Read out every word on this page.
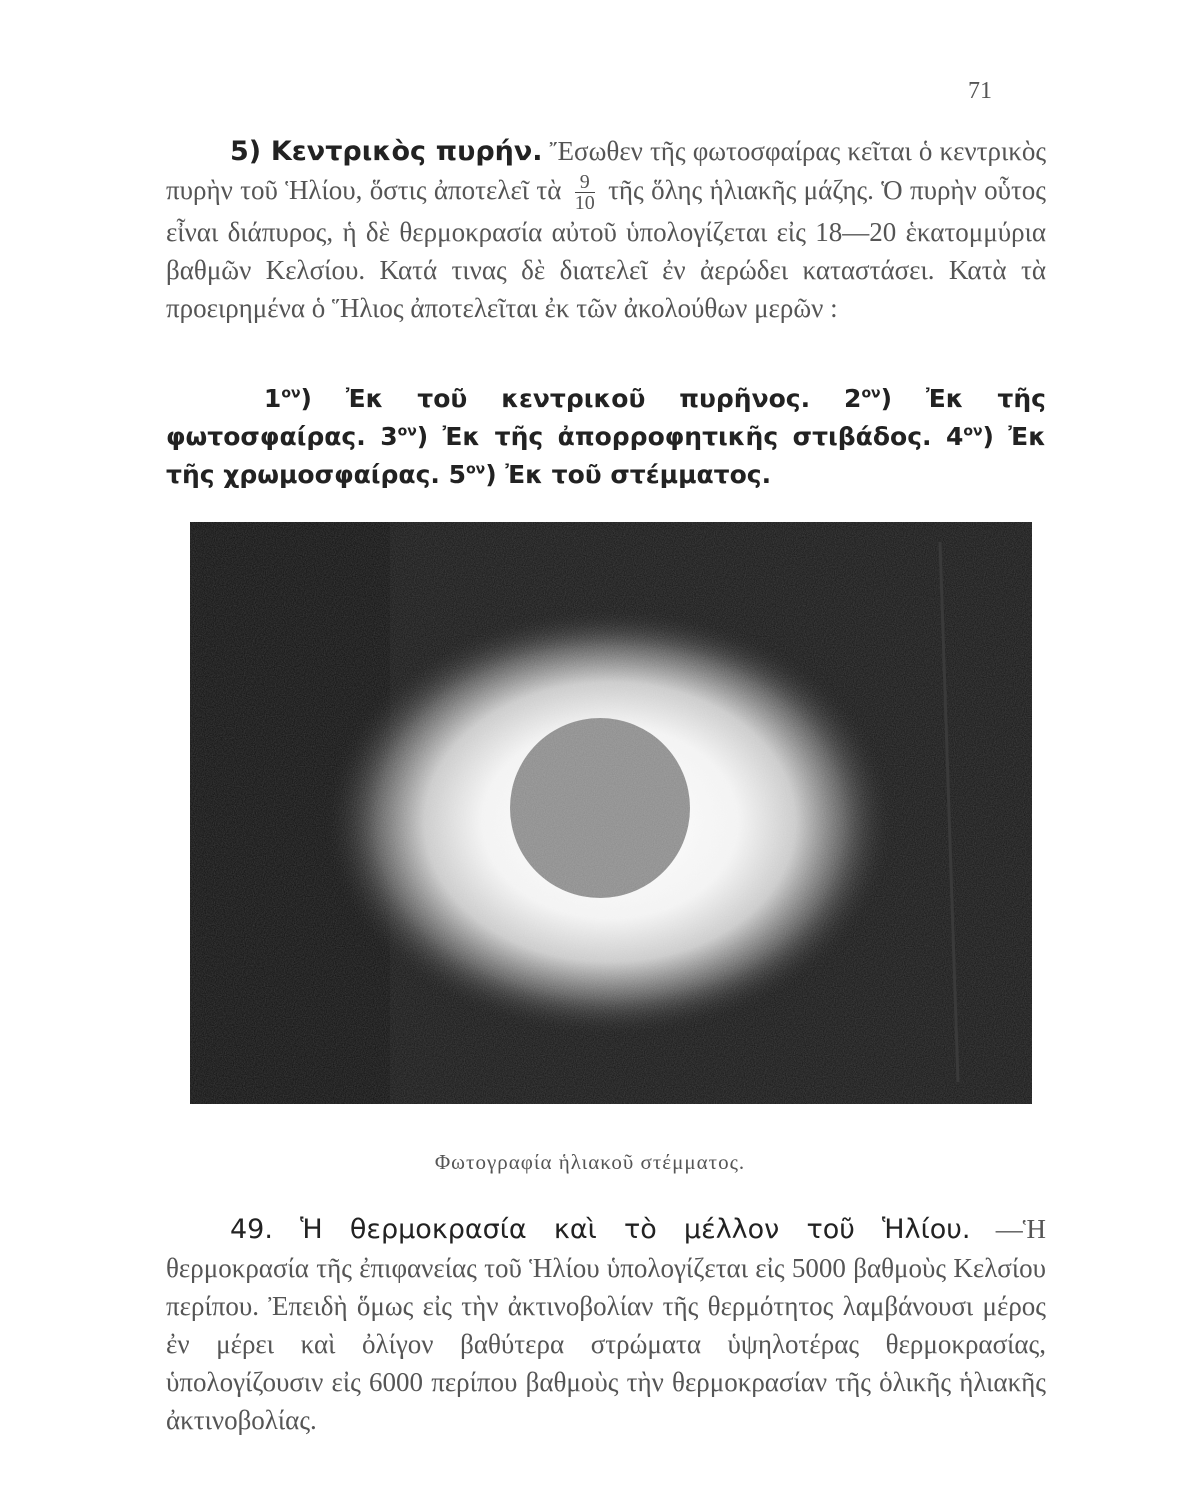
71
5) Κεντρικὸς πυρήν. Ἔσωθεν τῆς φωτοσφαίρας κεῖται ὁ κεντρικὸς πυρὴν τοῦ Ἡλίου, ὅστις ἀποτελεῖ τὰ $\frac{9}{10}$ τῆς ὅλης ἡλιακῆς μάζης. Ὁ πυρὴν οὗτος εἶναι διάπυρος, ἡ δὲ θερμοκρασία αὐτοῦ ὑπολογίζεται εἰς 18—20 ἑκατομμύρια βαθμῶν Κελσίου. Κατά τινας δὲ διατελεῖ ἐν ἀερώδει καταστάσει. Κατὰ τὰ προειρημένα ὁ Ἥλιος ἀποτελεῖται ἐκ τῶν ἀκολούθων μερῶν :
$1^{o\nu}$) Ἐκ τοῦ κεντρικοῦ πυρῆνος. $2^{o\nu}$) Ἐκ τῆς φωτοσφαίρας. $3^{o\nu}$) Ἐκ τῆς ἀπορροφητικῆς στιβάδος. $4^{o\nu}$) Ἐκ τῆς χρωμοσφαίρας. $5^{o\nu}$) Ἐκ τοῦ στέμματος.
Φωτογραφία ἡλιακοῦ στέμματος.
49. Ἡ θερμοκρασία καὶ τὸ μέλλον τοῦ Ἡλίου. —Ἡ θερμοκρασία τῆς ἐπιφανείας τοῦ Ἡλίου ὑπολογίζεται εἰς 5000 βαθμοὺς Κελσίου περίπου. Ἐπειδὴ ὅμως εἰς τὴν ἀκτινοβολίαν τῆς θερμότητος λαμβάνουσι μέρος ἐν μέρει καὶ ὀλίγον βαθύτερα στρώματα ὑψηλοτέρας θερμοκρασίας, ὑπολογίζουσιν εἰς 6000 περίπου βαθμοὺς τὴν θερμοκρασίαν τῆς ὁλικῆς ἡλιακῆς ἀκτινοβολίας.
